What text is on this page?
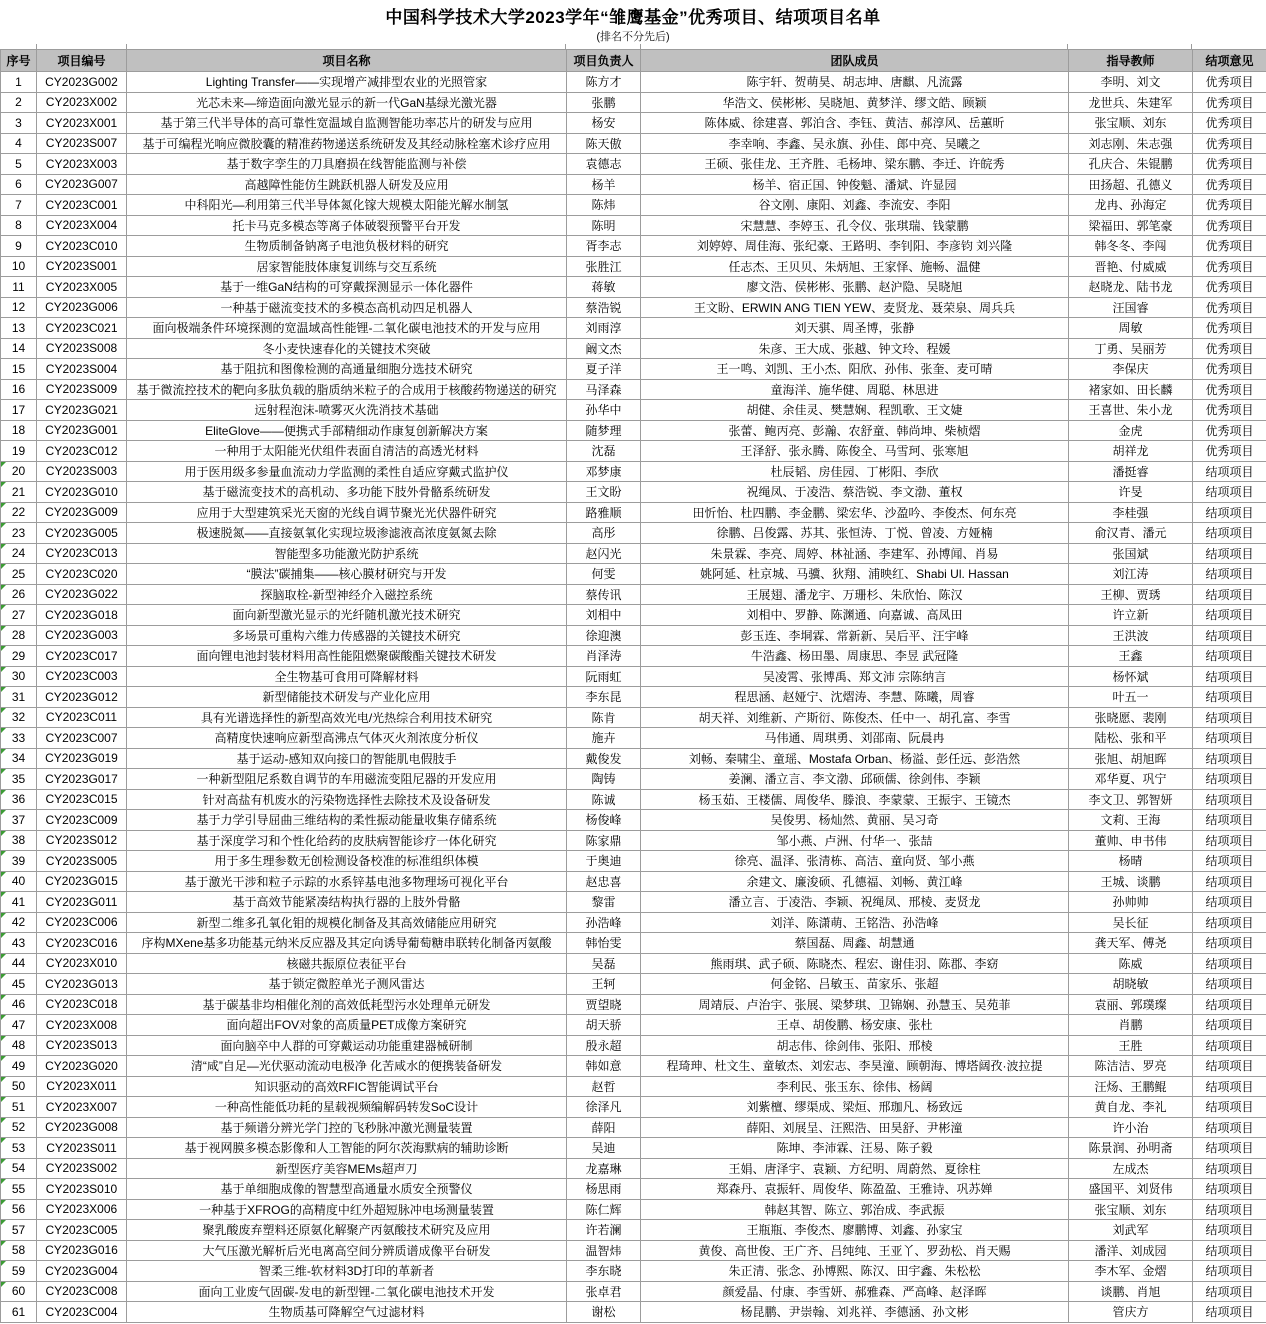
中国科学技术大学2023学年“雏鹰基金”优秀项目、结项项目名单
(排名不分先后)
序号	项目编号	项目名称	项目负责人	团队成员	指导教师	结项意见
1	CY2023G002	Lighting Transfer——实现增产减排型农业的光照管家	陈方才	陈宇轩、贺萌昊、胡志坤、唐麒、凡流露	李明、刘文	优秀项目
2	CY2023X002	光芯未来—缔造面向激光显示的新一代GaN基绿光激光器	张鹏	华浩文、侯彬彬、吴晓旭、黄梦洋、缪文皓、顾颖	龙世兵、朱建军	优秀项目
3	CY2023X001	基于第三代半导体的高可靠性宽温域自监测智能功率芯片的研发与应用	杨安	陈体威、徐建喜、郭泊含、李钰、黄洁、郝淳风、岳蕙昕	张宝顺、刘东	优秀项目
4	CY2023S007	基于可编程光响应微胶囊的精准药物递送系统研发及其经动脉栓塞术诊疗应用	陈天傲	李幸响、李鑫、吴永旗、孙佳、郎中亮、吴曦之	刘志刚、朱志强	优秀项目
5	CY2023X003	基于数字孪生的刀具磨损在线智能监测与补偿	袁德志	王硕、张佳龙、王齐胜、毛杨坤、梁东鹏、李迁、许皖秀	孔庆合、朱锟鹏	优秀项目
6	CY2023G007	高越障性能仿生跳跃机器人研发及应用	杨羊	杨羊、宿正国、钟俊魁、潘斌、许显园	田扬超、孔德义	优秀项目
7	CY2023C001	中科阳光—利用第三代半导体氮化镓大规模太阳能光解水制氢	陈炜	谷文刚、康阳、刘鑫、李流安、李阳	龙冉、孙海定	优秀项目
8	CY2023X004	托卡马克多模态等离子体破裂预警平台开发	陈明	宋慧慧、李婷玉、孔令仪、张琪瑞、钱蒙鹏	梁福田、郭笔豪	优秀项目
9	CY2023C010	生物质制备钠离子电池负极材料的研究	胥李志	刘婷婷、周佳海、张纪豪、王路明、李钊阳、李彦钧 刘兴隆	韩冬冬、李闯	优秀项目
10	CY2023S001	居家智能肢体康复训练与交互系统	张胜江	任志杰、王贝贝、朱炳旭、王家怿、施畅、温健	晋艳、付威威	优秀项目
11	CY2023X005	基于一维GaN结构的可穿戴探测显示一体化器件	蒋敏	廖文浩、侯彬彬、张鹏、赵沪隐、吴晓旭	赵晓龙、陆书龙	优秀项目
12	CY2023G006	一种基于磁流变技术的多模态高机动四足机器人	蔡浩锐	王文盼、ERWIN ANG TIEN YEW、麦贤龙、聂荣泉、周兵兵	汪国睿	优秀项目
13	CY2023C021	面向极端条件环境探测的宽温域高性能锂-二氧化碳电池技术的开发与应用	刘雨淳	刘天骐、周圣博，张静	周敏	优秀项目
14	CY2023S008	冬小麦快速春化的关键技术突破	阚文杰	朱彦、王大成、张越、钟文玲、程媛	丁勇、吴丽芳	优秀项目
15	CY2023S004	基于阻抗和图像检测的高通量细胞分选技术研究	夏子洋	王一鸣、刘凯、王小杰、阳欣、孙伟、张奎、麦可晴	李保庆	优秀项目
16	CY2023S009	基于微流控技术的靶向多肽负载的脂质纳米粒子的合成用于核酸药物递送的研究	马泽森	童海洋、施华健、周聪、林思进	褚家如、田长麟	优秀项目
17	CY2023G021	远射程泡沫-喷雾灭火洗消技术基础	孙华中	胡健、余佳灵、樊慧娴、程凯歌、王文婕	王喜世、朱小龙	优秀项目
18	CY2023G001	EliteGlove——便携式手部精细动作康复创新解决方案	随梦理	张蕾、鲍丙亮、彭瀚、农舒童、韩尚坤、柴桢熠	金虎	优秀项目
19	CY2023C012	一种用于太阳能光伏组件表面自清洁的高透光材料	沈磊	王泽舒、张永腾、陈俊全、马雪珂、张寒旭	胡祥龙	优秀项目
20	CY2023S003	用于医用级多参量血流动力学监测的柔性自适应穿戴式监护仪	邓梦康	杜辰韬、房佳园、丁彬阳、李欣	潘挺睿	结项项目
21	CY2023G010	基于磁流变技术的高机动、多功能下肢外骨骼系统研发	王文盼	祝绳凤、于凌浩、蔡浩锐、李文渤、董权	许旻	结项项目
22	CY2023G009	应用于大型建筑采光天窗的光线自调节聚光光伏器件研究	路雅顺	田忻怡、杜四鹏、李金鹏、梁宏华、沙盈吟、李俊杰、何东亮	李桂强	结项项目
23	CY2023G005	极速脱氮——直接氨氧化实现垃圾渗滤液高浓度氨氮去除	高彤	徐鹏、吕俊露、苏其、张恒涛、丁悦、曾凌、方娅楠	俞汉青、潘元	结项项目
24	CY2023C013	智能型多功能激光防护系统	赵闪光	朱景霖、李亮、周婷、林祉涵、李建军、孙博闻、肖易	张国斌	结项项目
25	CY2023C020	“膜法”碳捕集——核心膜材研究与开发	何雯	姚阿延、杜京城、马骥、狄翔、浦映红、Shabi Ul. Hassan	刘江涛	结项项目
26	CY2023G022	探脑取栓-新型神经介入磁控系统	蔡传讯	王展翅、潘龙宇、万珊杉、朱欣怡、陈汉	王柳、贾琇	结项项目
27	CY2023G018	面向新型激光显示的光纤随机激光技术研究	刘相中	刘相中、罗静、陈渊通、向嘉诚、高凤田	许立新	结项项目
28	CY2023G003	多场景可重构六维力传感器的关键技术研究	徐迎澳	彭玉连、李垌霖、常新新、吴后平、汪宇峰	王洪波	结项项目
29	CY2023C017	面向锂电池封装材料用高性能阻燃聚碳酸酯关键技术研发	肖泽涛	牛浩鑫、杨田墨、周康思、李昱 武冠隆	王鑫	结项项目
30	CY2023C003	全生物基可食用可降解材料	阮雨虹	吴凌霄、张博禹、郑文沛 宗陈纳言	杨怀斌	结项项目
31	CY2023G012	新型储能技术研发与产业化应用	李东昆	程思涵、赵娅宁、沈熠涛、李慧、陈曦，周睿	叶五一	结项项目
32	CY2023C011	具有光谱选择性的新型高效光电/光热综合利用技术研究	陈肯	胡天祥、刘维新、产斯衍、陈俊杰、任中一、胡孔富、李雪	张晓愿、裴刚	结项项目
33	CY2023C007	高精度快速响应新型高沸点气体灭火剂浓度分析仪	施卉	马伟通、周琪勇、刘邵南、阮晨冉	陆松、张和平	结项项目
34	CY2023G019	基于运动-感知双向接口的智能肌电假肢手	戴俊发	刘畅、秦啸尘、童瑶、Mostafa Orban、杨溢、彭任远、彭浩然	张旭、胡旭晖	结项项目
35	CY2023G017	一种新型阻尼系数自调节的车用磁流变阻尼器的开发应用	陶铸	姜澜、潘立言、李文渤、邱硕儒、徐剑伟、李颖	邓华夏、巩宁	结项项目
36	CY2023C015	针对高盐有机废水的污染物选择性去除技术及设备研发	陈诚	杨玉茹、王楼儒、周俊华、滕浪、李蒙蒙、王振宇、王镜杰	李文卫、郭智妍	结项项目
37	CY2023C009	基于力学引导屈曲三维结构的柔性振动能量收集存储系统	杨俊峰	吴俊男、杨灿然、黄丽、吴习奇	文莉、王海	结项项目
38	CY2023S012	基于深度学习和个性化给药的皮肤病智能诊疗一体化研究	陈家鼎	邹小燕、卢洲、付华一、张喆	董帅、申书伟	结项项目
39	CY2023S005	用于多生理参数无创检测设备校准的标准组织体模	于奥迪	徐亮、温泽、张清栋、高洁、童向贤、邹小燕	杨晴	结项项目
40	CY2023G015	基于激光干涉和粒子示踪的水系锌基电池多物理场可视化平台	赵忠喜	余建文、廉浚硕、孔德福、刘畅、黄江峰	王城、谈鹏	结项项目
41	CY2023G011	基于高效节能紧凑结构执行器的上肢外骨骼	黎雷	潘立言、于凌浩、李颖、祝绳凤、邢棱、麦贤龙	孙帅帅	结项项目
42	CY2023C006	新型二维多孔氧化钼的规模化制备及其高效储能应用研究	孙浩峰	刘洋、陈潇萌、王铭浩、孙浩峰	吴长征	结项项目
43	CY2023C016	序构MXene基多功能基元纳米反应器及其定向诱导葡萄糖串联转化制备丙氨酸	韩怡雯	蔡国磊、周鑫、胡慧通	龚天军、傅尧	结项项目
44	CY2023X010	核磁共振原位表征平台	吴磊	熊雨琪、武子硕、陈晓杰、程宏、谢佳羽、陈郡、李窈	陈威	结项项目
45	CY2023G013	基于锁定微腔单光子测风雷达	王轲	何金铭、吕敏玉、苗家乐、张超	胡晓敏	结项项目
46	CY2023C018	基于碳基非均相催化剂的高效低耗型污水处理单元研发	贾望晓	周靖辰、卢治宇、张展、梁梦琪、卫锦娴、孙慧玉、吴苑菲	袁丽、郭璞璨	结项项目
47	CY2023X008	面向超出FOV对象的高质量PET成像方案研究	胡天骄	王卓、胡俊鹏、杨安康、张杜	肖鹏	结项项目
48	CY2023S013	面向脑卒中人群的可穿戴运动功能重建器械研制	殷永超	胡志伟、徐剑伟、张阳、邢棱	王胜	结项项目
49	CY2023G020	清“咸”自足—光伏驱动流动电极净 化苦咸水的便携装备研发	韩如意	程琦珅、杜文生、童敏杰、刘宏志、李昊潼、顾朝海、博塔阔孜·波拉提	陈洁洁、罗亮	结项项目
50	CY2023X011	知识驱动的高效RFIC智能调试平台	赵哲	李利民、张玉东、徐伟、杨阔	汪炀、王鹏鲲	结项项目
51	CY2023X007	一种高性能低功耗的星载视频编解码转发SoC设计	徐泽凡	刘紫檀、缪渠成、梁烜、邢珈凡、杨致远	黄自龙、李礼	结项项目
52	CY2023G008	基于频谱分辨光学门控的飞秒脉冲激光测量装置	薛阳	薛阳、刘展呈、汪熙浩、田昊舒、尹彬潼	许小治	结项项目
53	CY2023S011	基于视网膜多模态影像和人工智能的阿尔茨海默病的辅助诊断	吴迪	陈坤、李沛霖、汪易、陈子毅	陈景润、孙明斋	结项项目
54	CY2023S002	新型医疗美容MEMs超声刀	龙嘉琳	王娟、唐泽宇、袁颖、方纪明、周蔚然、夏徐柱	左成杰	结项项目
55	CY2023S010	基于单细胞成像的智慧型高通量水质安全预警仪	杨思雨	郑森丹、袁振轩、周俊华、陈盈盈、王雅诗、巩苏婵	盛国平、刘贤伟	结项项目
56	CY2023X006	一种基于XFROG的高精度中红外超短脉冲电场测量装置	陈仁辉	韩赵其智、陈立、郭治成、李武振	张宝顺、刘东	结项项目
57	CY2023C005	聚乳酸废弃塑料还原氨化解聚产丙氨酸技术研究及应用	许若澜	王瓶瓶、李俊杰、廖鹏博、刘鑫、孙家宝	刘武军	结项项目
58	CY2023G016	大气压激光解析后光电离高空间分辨质谱成像平台研发	温智炜	黄俊、高世俊、王广齐、吕纯纯、王亚丫、罗劲松、肖天赐	潘洋、刘成园	结项项目
59	CY2023G004	智柔三维-软材料3D打印的革新者	李东晓	朱正清、张念、孙博熙、陈汉、田宇鑫、朱松松	李木军、金熠	结项项目
60	CY2023C008	面向工业废气固碳-发电的新型锂-二氧化碳电池技术开发	张卓君	颜爱晶、付康、李雪妍、郝雅森、严高峰、赵泽晖	谈鹏、肖旭	结项项目
61	CY2023C004	生物质基可降解空气过滤材料	谢松	杨昆鹏、尹崇翰、刘兆祥、李德涵、孙文彬	管庆方	结项项目
